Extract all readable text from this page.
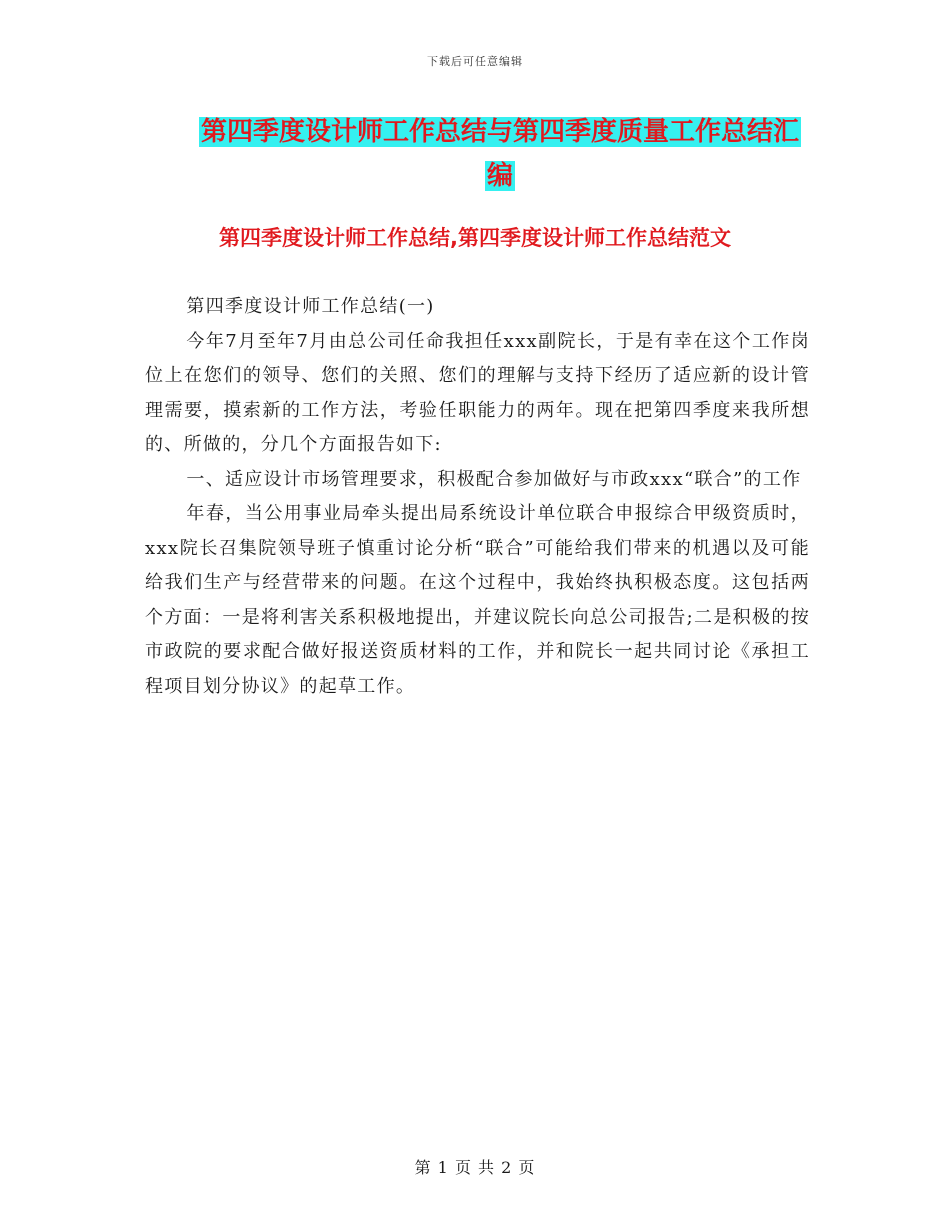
下载后可任意编辑
第四季度设计师工作总结与第四季度质量工作总结汇
编
第四季度设计师工作总结,第四季度设计师工作总结范文

第四季度设计师工作总结(一)

今年7月至年7月由总公司任命我担任xxx副院长，于是有幸在这个工作岗位上在您们的领导、您们的关照、您们的理解与支持下经历了适应新的设计管理需要，摸索新的工作方法，考验任职能力的两年。现在把第四季度来我所想的、所做的，分几个方面报告如下:

一、适应设计市场管理要求，积极配合参加做好与市政xxx“联合”的工作

年春，当公用事业局牵头提出局系统设计单位联合申报综合甲级资质时，xxx院长召集院领导班子慎重讨论分析“联合”可能给我们带来的机遇以及可能给我们生产与经营带来的问题。在这个过程中，我始终执积极态度。这包括两个方面：一是将利害关系积极地提出，并建议院长向总公司报告;二是积极的按市政院的要求配合做好报送资质材料的工作，并和院长一起共同讨论《承担工程项目划分协议》的起草工作。

第 1 页 共 2 页
